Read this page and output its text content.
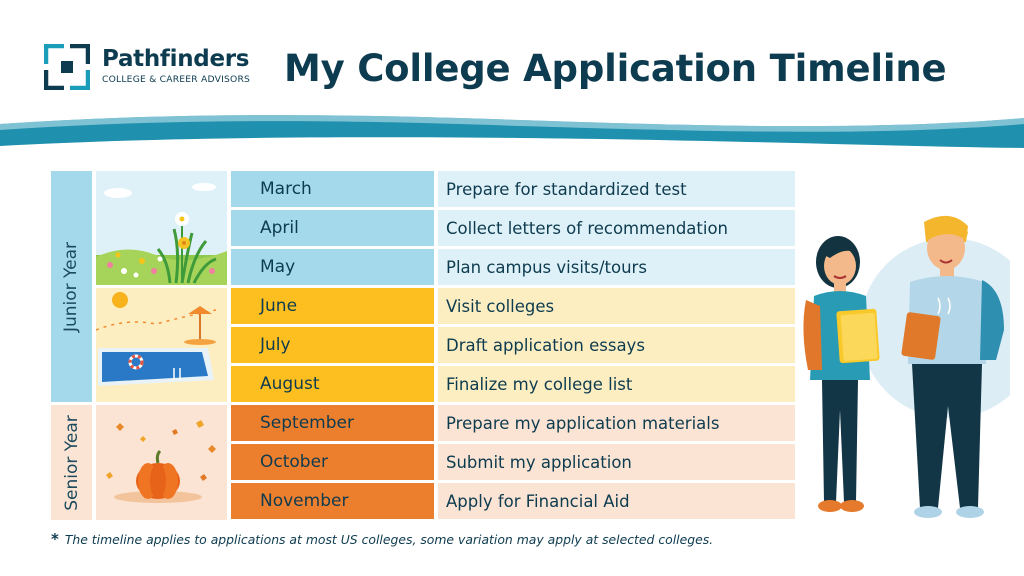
Pathfinders
COLLEGE & CAREER ADVISORS My College Application Timeline
Junior Year
Senior Year
March	Prepare for standardized test
April	Collect letters of recommendation
May	Plan campus visits/tours
June	Visit colleges
July	Draft application essays
August	Finalize my college list
September	Prepare my application materials
October	Submit my application
November	Apply for Financial Aid
* The timeline applies to applications at most US colleges, some variation may apply at selected colleges.
